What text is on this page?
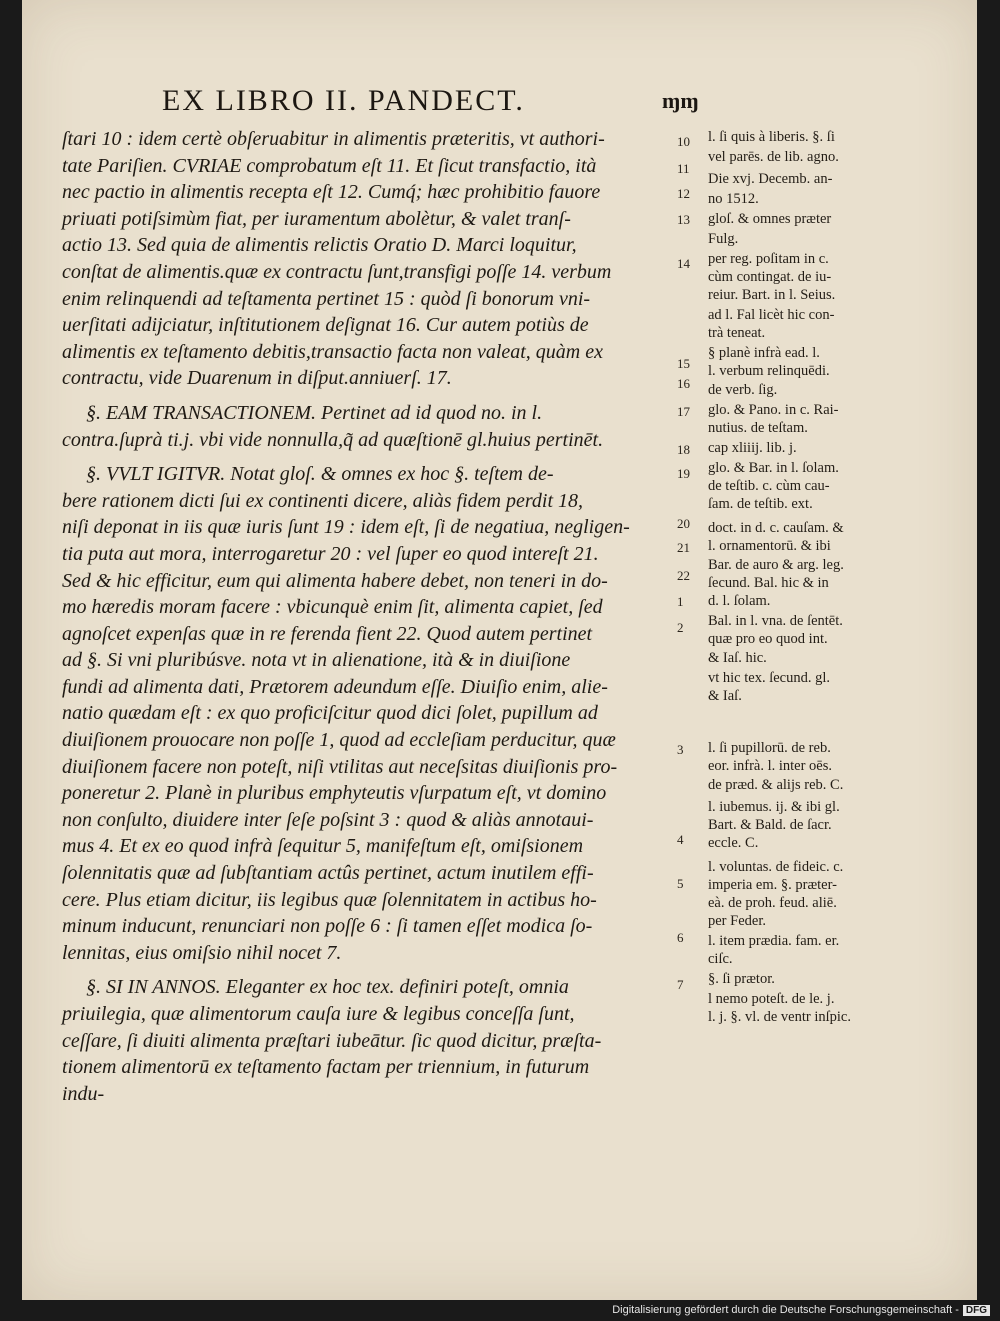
EX LIBRO II. PANDECT.
ſtari 10 : idem certè obſeruabitur in alimentis præteritis, vt authori-
tate Pariſien. CVRIAE comprobatum eſt 11. Et ſicut transfactio, ità
nec pactio in alimentis recepta eſt 12. Cumq́; hæc prohibitio fauore
priuati potiſsimùm fiat, per iuramentum abolètur, & valet tranſ-
actio 13. Sed quia de alimentis relictis Oratio D. Marci loquitur,
conſtat de alimentis.quæ ex contractu ſunt,transfigi poſſe 14. verbum
enim relinquendi ad teſtamenta pertinet 15 : quòd ſi bonorum vni-
uerſitati adijciatur, inſtitutionem deſignat 16. Cur autem potiùs de
alimentis ex teſtamento debitis,transactio facta non valeat, quàm ex
contractu, vide Duarenum in diſput.anniuerſ. 17.
§. EAM TRANSACTIONEM. Pertinet ad id quod no. in l.
contra.ſuprà ti.j. vbi vide nonnulla,q̃ ad quæſtionē gl.huius pertinēt.
§. VVLT IGITVR. Notat gloſ. & omnes ex hoc §. teſtem de-
bere rationem dicti ſui ex continenti dicere, aliàs fidem perdit 18,
niſi deponat in iis quæ iuris ſunt 19 : idem eſt, ſi de negatiua, negligen-
tia puta aut mora, interrogaretur 20 : vel ſuper eo quod intereſt 21.
Sed & hic efficitur, eum qui alimenta habere debet, non teneri in do-
mo hæredis moram facere : vbicunquè enim ſit, alimenta capiet, ſed
agnoſcet expenſas quæ in re ferenda fient 22. Quod autem pertinet
ad §. Si vni pluribúsve. nota vt in alienatione, ità & in diuiſione
fundi ad alimenta dati, Prætorem adeundum eſſe. Diuiſio enim, alie-
natio quædam eſt : ex quo proficiſcitur quod dici ſolet, pupillum ad
diuiſionem prouocare non poſſe 1, quod ad eccleſiam perducitur, quæ
diuiſionem facere non poteſt, niſi vtilitas aut neceſsitas diuiſionis pro-
poneretur 2. Planè in pluribus emphyteutis vſurpatum eſt, vt domino
non conſulto, diuidere inter ſeſe poſsint 3 : quod & aliàs annotaui-
mus 4. Et ex eo quod infrà ſequitur 5, manifeſtum eſt, omiſsionem
ſolennitatis quæ ad ſubſtantiam actûs pertinet, actum inutilem effi-
cere. Plus etiam dicitur, iis legibus quæ ſolennitatem in actibus ho-
minum inducunt, renunciari non poſſe 6 : ſi tamen eſſet modica ſo-
lennitas, eius omiſsio nihil nocet 7.
§. SI IN ANNOS. Eleganter ex hoc tex. definiri poteſt, omnia
priuilegia, quæ alimentorum cauſa iure & legibus conceſſa ſunt,
ceſſare, ſi diuiti alimenta præſtari iubeātur. ſic quod dicitur, præſta-
tionem alimentorū ex teſtamento factam per triennium, in futurum
indu-
10
11
12
13
14
15
16
17
18
19
20
21
22
1
2
3
4
5
6
7
l. ſi quis à liberis. §. ſi
vel parēs. de lib. agno.
Die xvj. Decemb. an-
no 1512.
gloſ. & omnes præter
Fulg.
per reg. poſitam in c.
cùm contingat. de iu-
reiur. Bart. in l. Seius.
ad l. Fal licèt hic con-
trà teneat.
§ planè infrà ead. l.
l. verbum relinquēdi.
de verb. ſig.
glo. & Pano. in c. Rai-
nutius. de teſtam.
cap xliiij. lib. j.
glo. & Bar. in l. ſolam.
de teſtib. c. cùm cau-
ſam. de teſtib. ext.
doct. in d. c. cauſam. &
l. ornamentorū. & ibi
Bar. de auro & arg. leg.
ſecund. Bal. hic & in
d. l. ſolam.
Bal. in l. vna. de ſentēt.
quæ pro eo quod int.
& Iaſ. hic.
vt hic tex. ſecund. gl.
& Iaſ.
l. ſi pupillorū. de reb.
eor. infrà. l. inter oēs.
de præd. & alijs reb. C.
l. iubemus. ij. & ibi gl.
Bart. & Bald. de ſacr.
eccle. C.
l. voluntas. de fideic. c.
imperia em. §. præter-
eà. de proh. feud. aliē.
per Feder.
l. item prædia. fam. er.
ciſc.
§. ſi prætor.
l nemo poteſt. de le. j.
l. j. §. vl. de ventr inſpic.
ɱɱ
Digitalisierung gefördert durch die Deutsche Forschungsgemeinschaft - DFG
